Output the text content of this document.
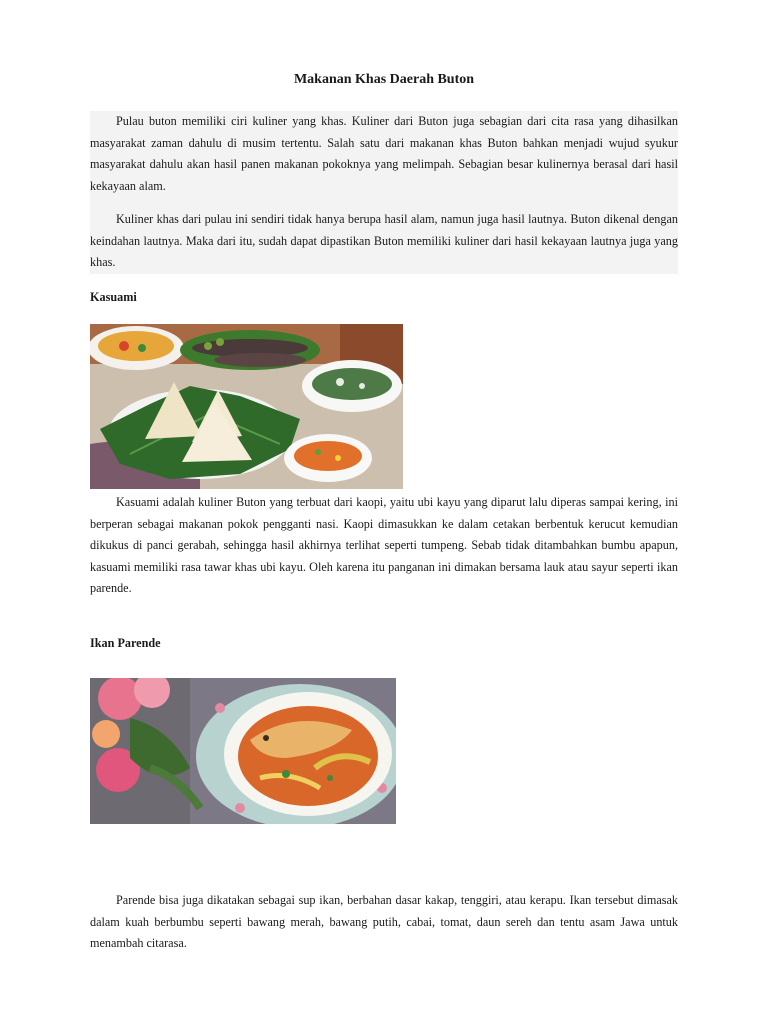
Makanan Khas Daerah Buton

Pulau buton memiliki ciri kuliner yang khas. Kuliner dari Buton juga sebagian dari cita rasa yang dihasilkan masyarakat zaman dahulu di musim tertentu. Salah satu dari makanan khas Buton bahkan menjadi wujud syukur masyarakat dahulu akan hasil panen makanan pokoknya yang melimpah. Sebagian besar kulinernya berasal dari hasil kekayaan alam.

Kuliner khas dari pulau ini sendiri tidak hanya berupa hasil alam, namun juga hasil lautnya. Buton dikenal dengan keindahan lautnya. Maka dari itu, sudah dapat dipastikan Buton memiliki kuliner dari hasil kekayaan lautnya juga yang khas.

Kasuami

Kasuami adalah kuliner Buton yang terbuat dari kaopi, yaitu ubi kayu yang diparut lalu diperas sampai kering, ini berperan sebagai makanan pokok pengganti nasi. Kaopi dimasukkan ke dalam cetakan berbentuk kerucut kemudian dikukus di panci gerabah, sehingga hasil akhirnya terlihat seperti tumpeng. Sebab tidak ditambahkan bumbu apapun, kasuami memiliki rasa tawar khas ubi kayu. Oleh karena itu panganan ini dimakan bersama lauk atau sayur seperti ikan parende.

Ikan Parende

Parende bisa juga dikatakan sebagai sup ikan, berbahan dasar kakap, tenggiri, atau kerapu. Ikan tersebut dimasak dalam kuah berbumbu seperti bawang merah, bawang putih, cabai, tomat, daun sereh dan tentu asam Jawa untuk menambah citarasa.
